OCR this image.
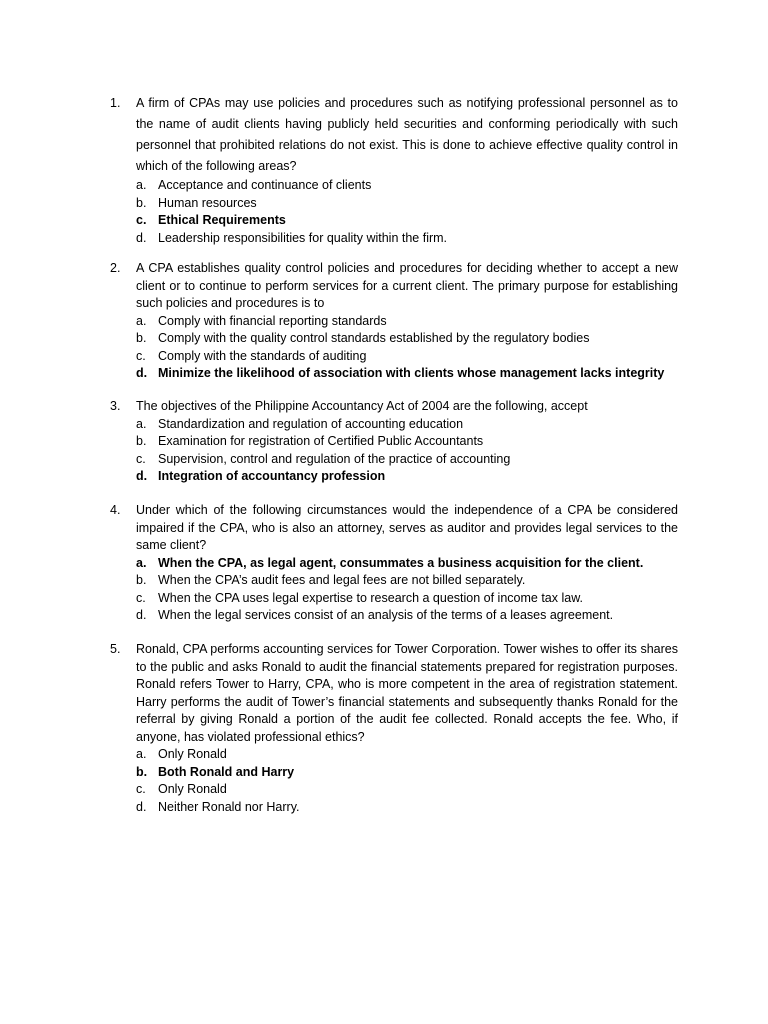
1. A firm of CPAs may use policies and procedures such as notifying professional personnel as to the name of audit clients having publicly held securities and conforming periodically with such personnel that prohibited relations do not exist. This is done to achieve effective quality control in which of the following areas?
a. Acceptance and continuance of clients
b. Human resources
c. Ethical Requirements
d. Leadership responsibilities for quality within the firm.
2. A CPA establishes quality control policies and procedures for deciding whether to accept a new client or to continue to perform services for a current client. The primary purpose for establishing such policies and procedures is to
a. Comply with financial reporting standards
b. Comply with the quality control standards established by the regulatory bodies
c. Comply with the standards of auditing
d. Minimize the likelihood of association with clients whose management lacks integrity
3. The objectives of the Philippine Accountancy Act of 2004 are the following, accept
a. Standardization and regulation of accounting education
b. Examination for registration of Certified Public Accountants
c. Supervision, control and regulation of the practice of accounting
d. Integration of accountancy profession
4. Under which of the following circumstances would the independence of a CPA be considered impaired if the CPA, who is also an attorney, serves as auditor and provides legal services to the same client?
a. When the CPA, as legal agent, consummates a business acquisition for the client.
b. When the CPA’s audit fees and legal fees are not billed separately.
c. When the CPA uses legal expertise to research a question of income tax law.
d. When the legal services consist of an analysis of the terms of a leases agreement.
5. Ronald, CPA performs accounting services for Tower Corporation. Tower wishes to offer its shares to the public and asks Ronald to audit the financial statements prepared for registration purposes. Ronald refers Tower to Harry, CPA, who is more competent in the area of registration statement. Harry performs the audit of Tower’s financial statements and subsequently thanks Ronald for the referral by giving Ronald a portion of the audit fee collected. Ronald accepts the fee. Who, if anyone, has violated professional ethics?
a. Only Ronald
b. Both Ronald and Harry
c. Only Ronald
d. Neither Ronald nor Harry.
